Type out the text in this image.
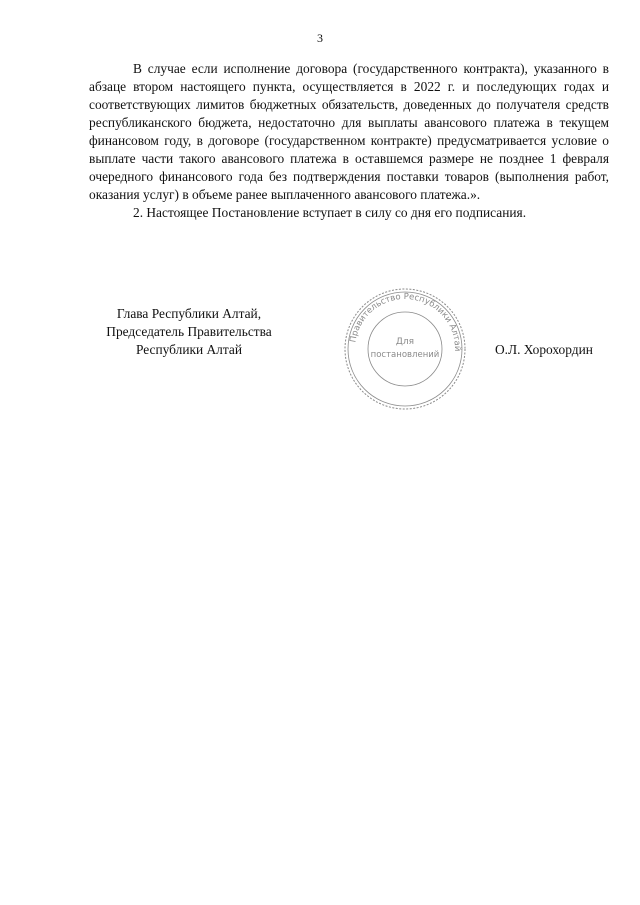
3

В случае если исполнение договора (государственного контракта), указанного в абзаце втором настоящего пункта, осуществляется в 2022 г. и последующих годах и соответствующих лимитов бюджетных обязательств, доведенных до получателя средств республиканского бюджета, недостаточно для выплаты авансового платежа в текущем финансовом году, в договоре (государственном контракте) предусматривается условие о выплате части такого авансового платежа в оставшемся размере не позднее 1 февраля очередного финансового года без подтверждения поставки товаров (выполнения работ, оказания услуг) в объеме ранее выплаченного авансового платежа.».

2. Настоящее Постановление вступает в силу со дня его подписания.

Глава Республики Алтай,
Председатель Правительства
Республики Алтай	О.Л. Хорохордин
Правительство Республики Алтай
Для
постановлений
